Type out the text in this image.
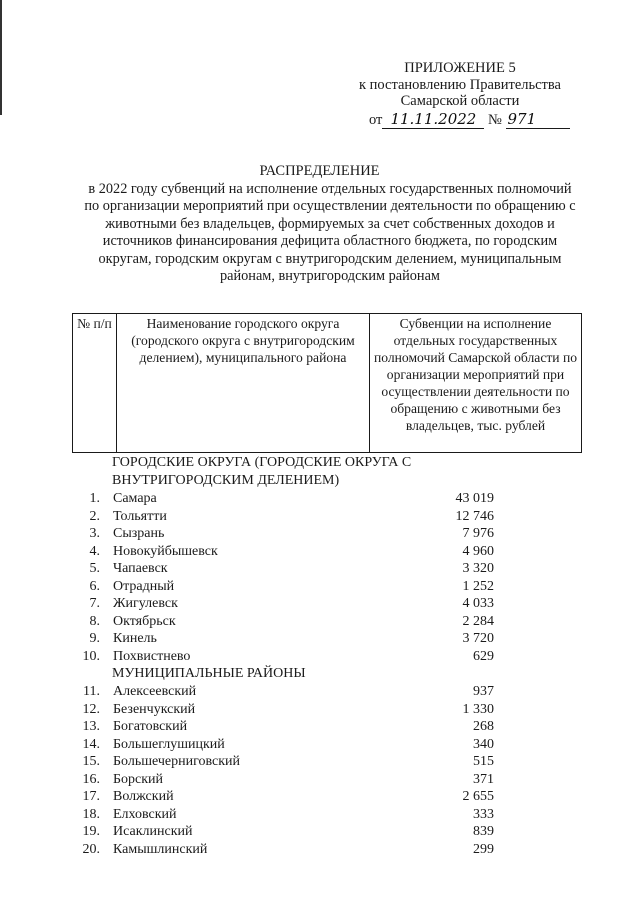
ПРИЛОЖЕНИЕ 5
к постановлению Правительства
Самарской области
от 11.11.2022 № 971
РАСПРЕДЕЛЕНИЕ
в 2022 году субвенций на исполнение отдельных государственных полномочий
по организации мероприятий при осуществлении деятельности по обращению с
животными без владельцев, формируемых за счет собственных доходов и
источников финансирования дефицита областного бюджета, по городским
округам, городским округам с внутригородским делением, муниципальным
районам, внутригородским районам
№ п/п	Наименование городского округа (городского округа с внутригородским делением), муниципального района	Субвенции на исполнение отдельных государственных полномочий Самарской области по организации мероприятий при осуществлении деятельности по обращению с животными без владельцев, тыс. рублей
ГОРОДСКИЕ ОКРУГА (ГОРОДСКИЕ ОКРУГА С
ВНУТРИГОРОДСКИМ ДЕЛЕНИЕМ)
1. Самара	43 019
2. Тольятти	12 746
3. Сызрань	7 976
4. Новокуйбышевск	4 960
5. Чапаевск	3 320
6. Отрадный	1 252
7. Жигулевск	4 033
8. Октябрьск	2 284
9. Кинель	3 720
10. Похвистнево	629
МУНИЦИПАЛЬНЫЕ РАЙОНЫ
11. Алексеевский	937
12. Безенчукский	1 330
13. Богатовский	268
14. Большеглушицкий	340
15. Большечерниговский	515
16. Борский	371
17. Волжский	2 655
18. Елховский	333
19. Исаклинский	839
20. Камышлинский	299
